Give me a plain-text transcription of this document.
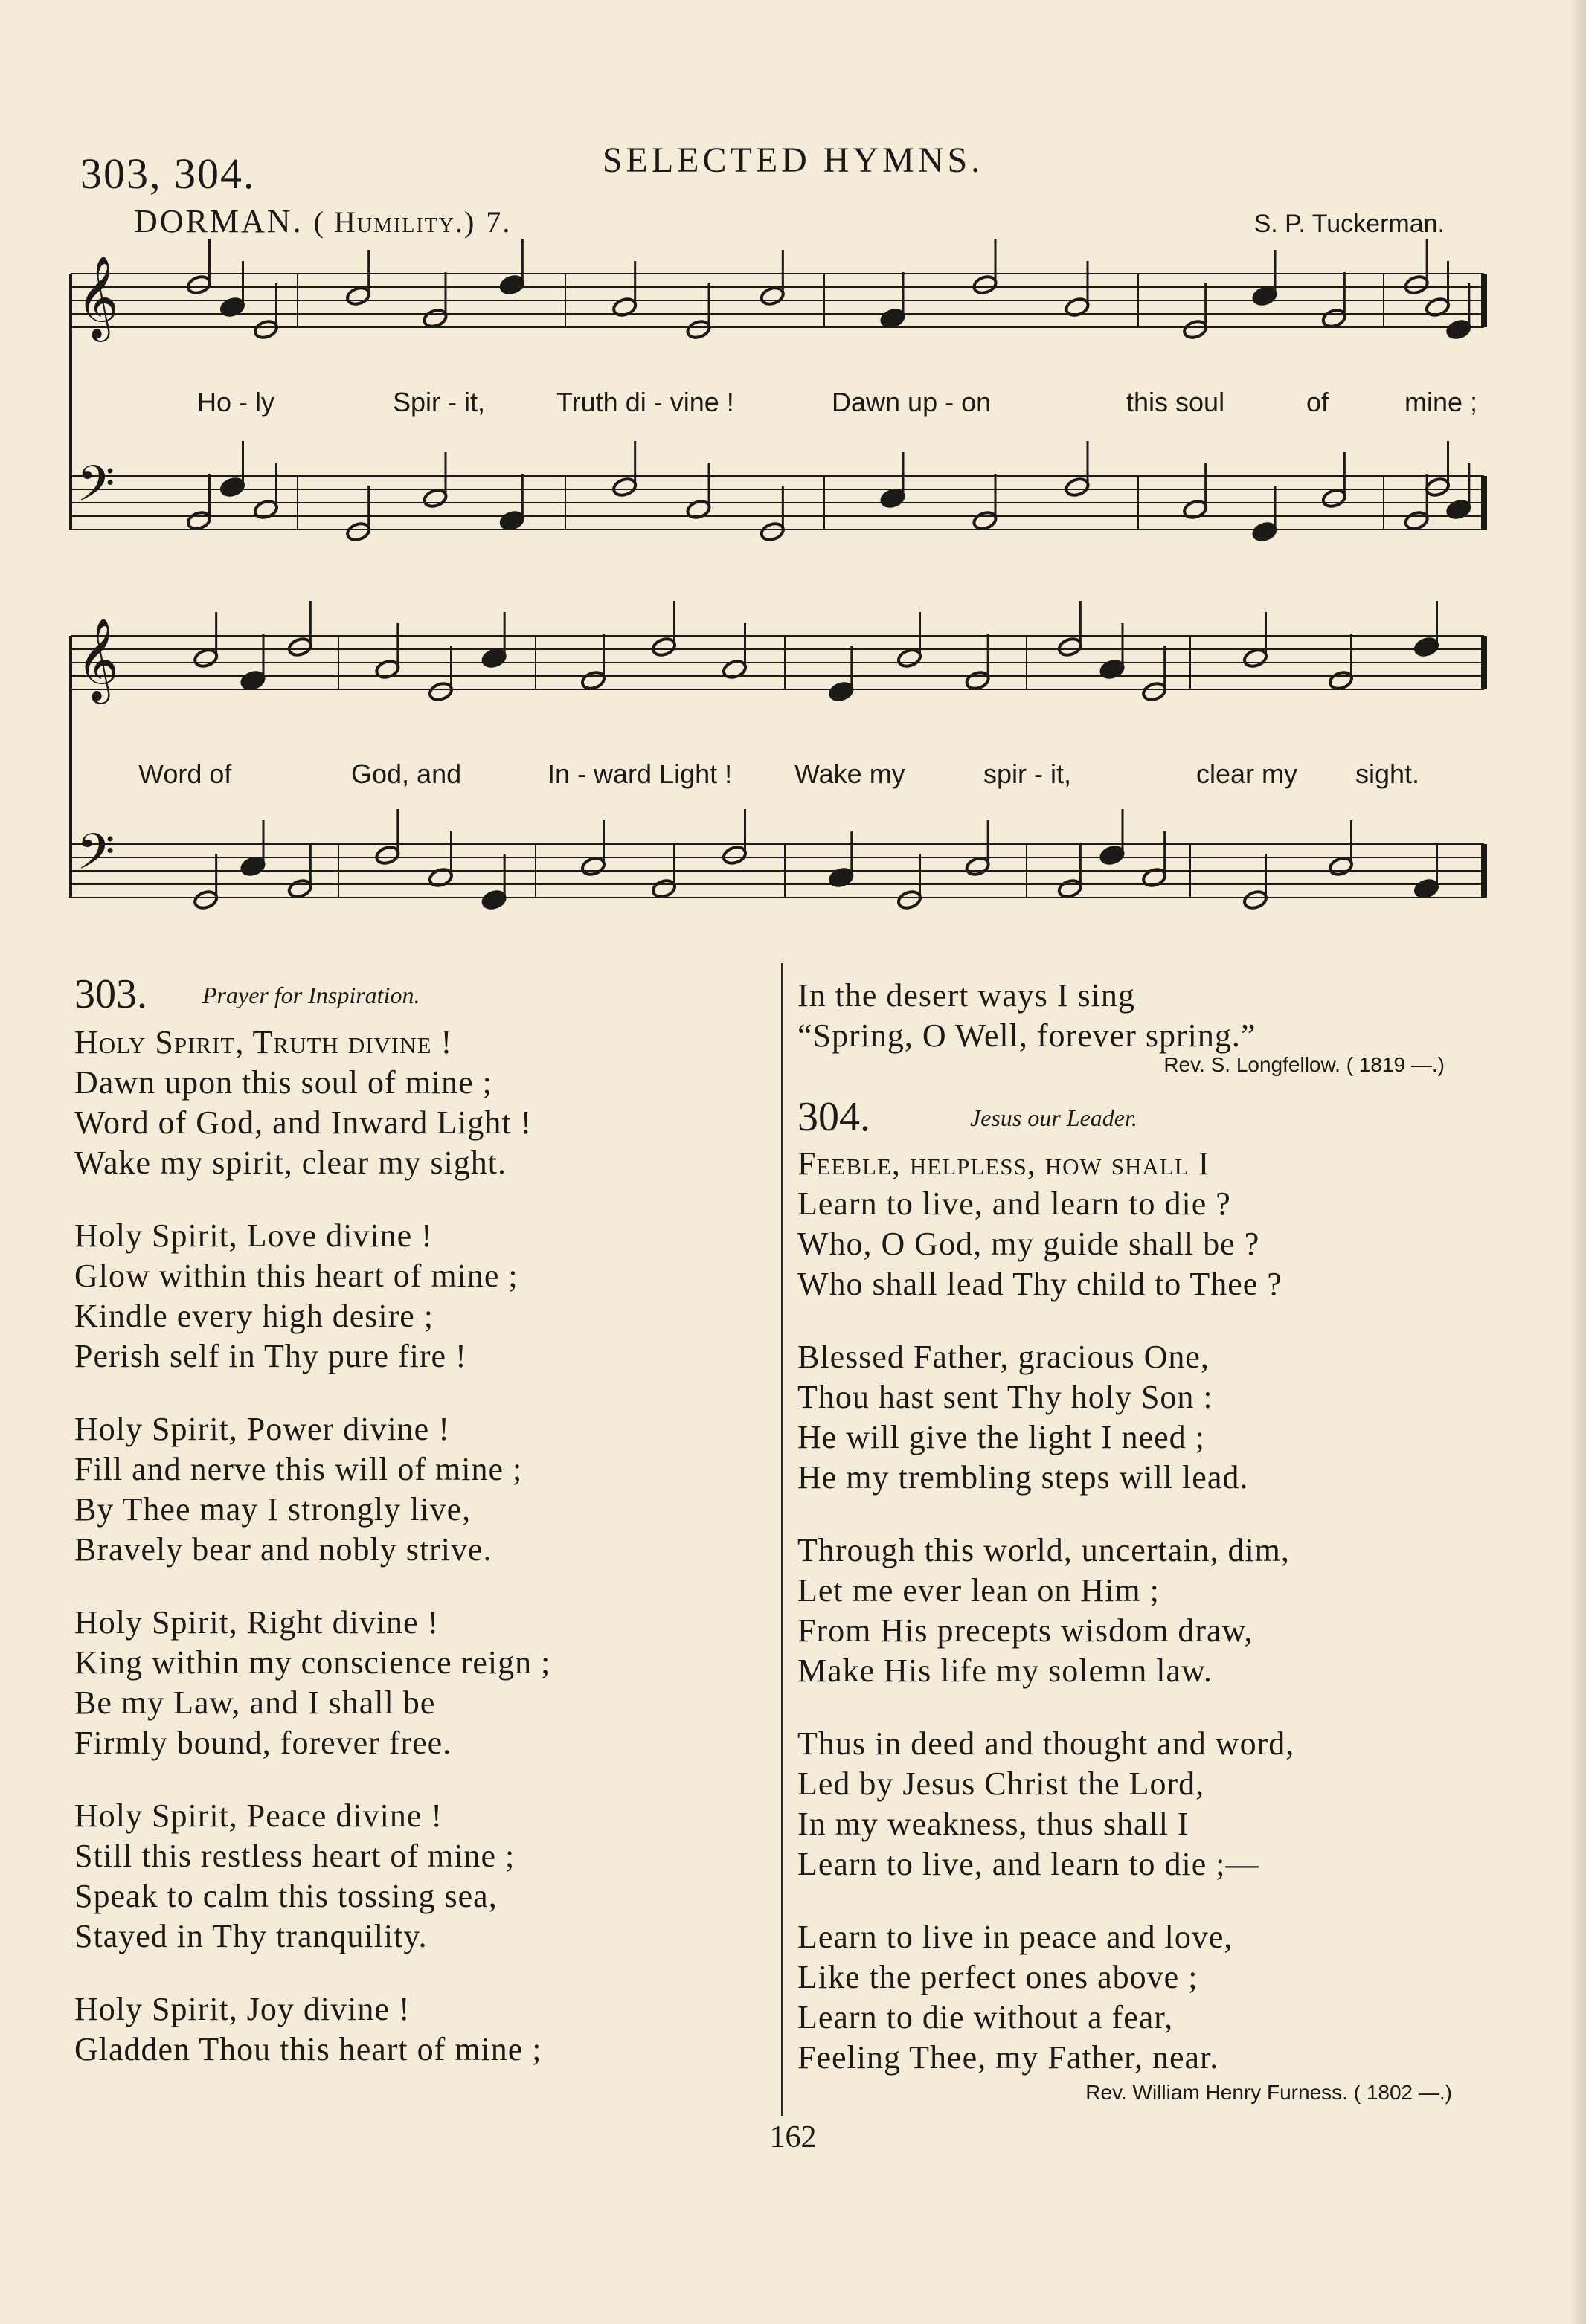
303, 304.	SELECTED HYMNS.
DORMAN. ( Humility.) 7.	S. P. Tuckerman.
𝄞
𝄢
𝄞
𝄢
Ho - ly	Spir - it,	Truth di - vine !	Dawn up - on	this soul	of	mine ;
Word of	God, and	In - ward Light ! Wake my	spir - it,	clear my sight.
303. Prayer for Inspiration.

Holy Spirit, Truth divine !

Dawn upon this soul of mine ;

Word of God, and Inward Light !

Wake my spirit, clear my sight.

Holy Spirit, Love divine !

Glow within this heart of mine ;

Kindle every high desire ;

Perish self in Thy pure fire !

Holy Spirit, Power divine !

Fill and nerve this will of mine ;

By Thee may I strongly live,

Bravely bear and nobly strive.

Holy Spirit, Right divine !

King within my conscience reign ;

Be my Law, and I shall be

Firmly bound, forever free.

Holy Spirit, Peace divine !

Still this restless heart of mine ;

Speak to calm this tossing sea,

Stayed in Thy tranquility.

Holy Spirit, Joy divine !

Gladden Thou this heart of mine ;

In the desert ways I sing

“Spring, O Well, forever spring.”

Rev. S. Longfellow. ( 1819 —.)
304.	Jesus our Leader.

Feeble, helpless, how shall I

Learn to live, and learn to die ?

Who, O God, my guide shall be ?

Who shall lead Thy child to Thee ?

Blessed Father, gracious One,

Thou hast sent Thy holy Son :

He will give the light I need ;

He my trembling steps will lead.

Through this world, uncertain, dim,

Let me ever lean on Him ;

From His precepts wisdom draw,

Make His life my solemn law.

Thus in deed and thought and word,

Led by Jesus Christ the Lord,

In my weakness, thus shall I

Learn to live, and learn to die ;—

Learn to live in peace and love,

Like the perfect ones above ;

Learn to die without a fear,

Feeling Thee, my Father, near.

Rev. William Henry Furness. ( 1802 —.)
162
